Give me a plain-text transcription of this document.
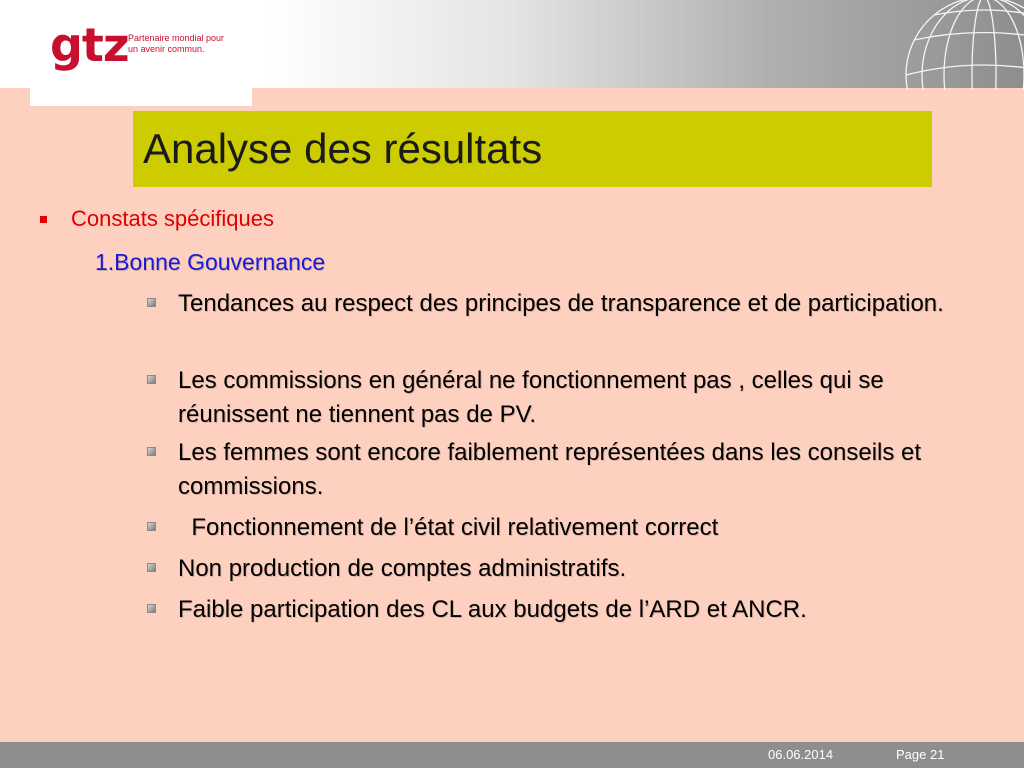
gtz Partenaire mondial pour
un avenir commun.
Analyse des résultats
Constats spécifiques
1.Bonne Gouvernance
Tendances au respect des principes de transparence et de participation.
Les commissions en général ne fonctionnement pas , celles qui se réunissent ne tiennent pas de PV.
Les femmes sont encore faiblement représentées dans les conseils et commissions.
Fonctionnement de l’état civil relativement correct
Non production de comptes administratifs.
Faible participation des CL aux budgets de l’ARD et ANCR.
06.06.2014	Page 21
